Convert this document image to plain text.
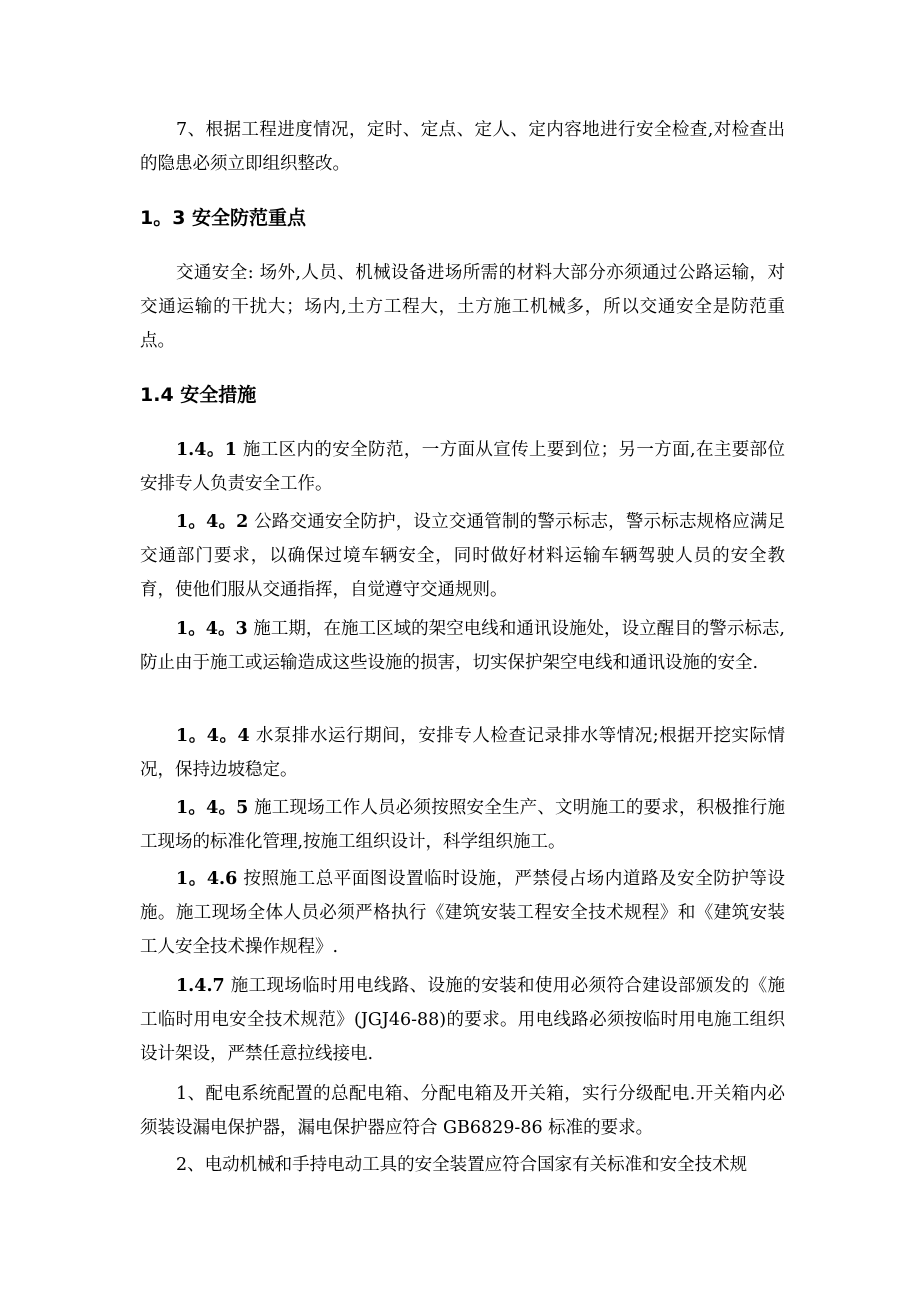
7、根据工程进度情况，定时、定点、定人、定内容地进行安全检查,对检查出的隐患必须立即组织整改。

1。3 安全防范重点

交通安全: 场外,人员、机械设备进场所需的材料大部分亦须通过公路运输，对交通运输的干扰大；场内,土方工程大，土方施工机械多，所以交通安全是防范重点。

1.4 安全措施

1.4。1 施工区内的安全防范，一方面从宣传上要到位；另一方面,在主要部位安排专人负责安全工作。

1。4。2 公路交通安全防护，设立交通管制的警示标志，警示标志规格应满足交通部门要求，以确保过境车辆安全，同时做好材料运输车辆驾驶人员的安全教育，使他们服从交通指挥，自觉遵守交通规则。

1。4。3 施工期，在施工区域的架空电线和通讯设施处，设立醒目的警示标志,防止由于施工或运输造成这些设施的损害，切实保护架空电线和通讯设施的安全.

1。4。4 水泵排水运行期间，安排专人检查记录排水等情况;根据开挖实际情况，保持边坡稳定。

1。4。5 施工现场工作人员必须按照安全生产、文明施工的要求，积极推行施工现场的标准化管理,按施工组织设计，科学组织施工。

1。4.6 按照施工总平面图设置临时设施，严禁侵占场内道路及安全防护等设施。施工现场全体人员必须严格执行《建筑安装工程安全技术规程》和《建筑安装工人安全技术操作规程》.

1.4.7 施工现场临时用电线路、设施的安装和使用必须符合建设部颁发的《施工临时用电安全技术规范》(JGJ46-88)的要求。用电线路必须按临时用电施工组织设计架设，严禁任意拉线接电.

1、配电系统配置的总配电箱、分配电箱及开关箱，实行分级配电.开关箱内必须装设漏电保护器，漏电保护器应符合 GB6829-86 标准的要求。

2、电动机械和手持电动工具的安全装置应符合国家有关标准和安全技术规
